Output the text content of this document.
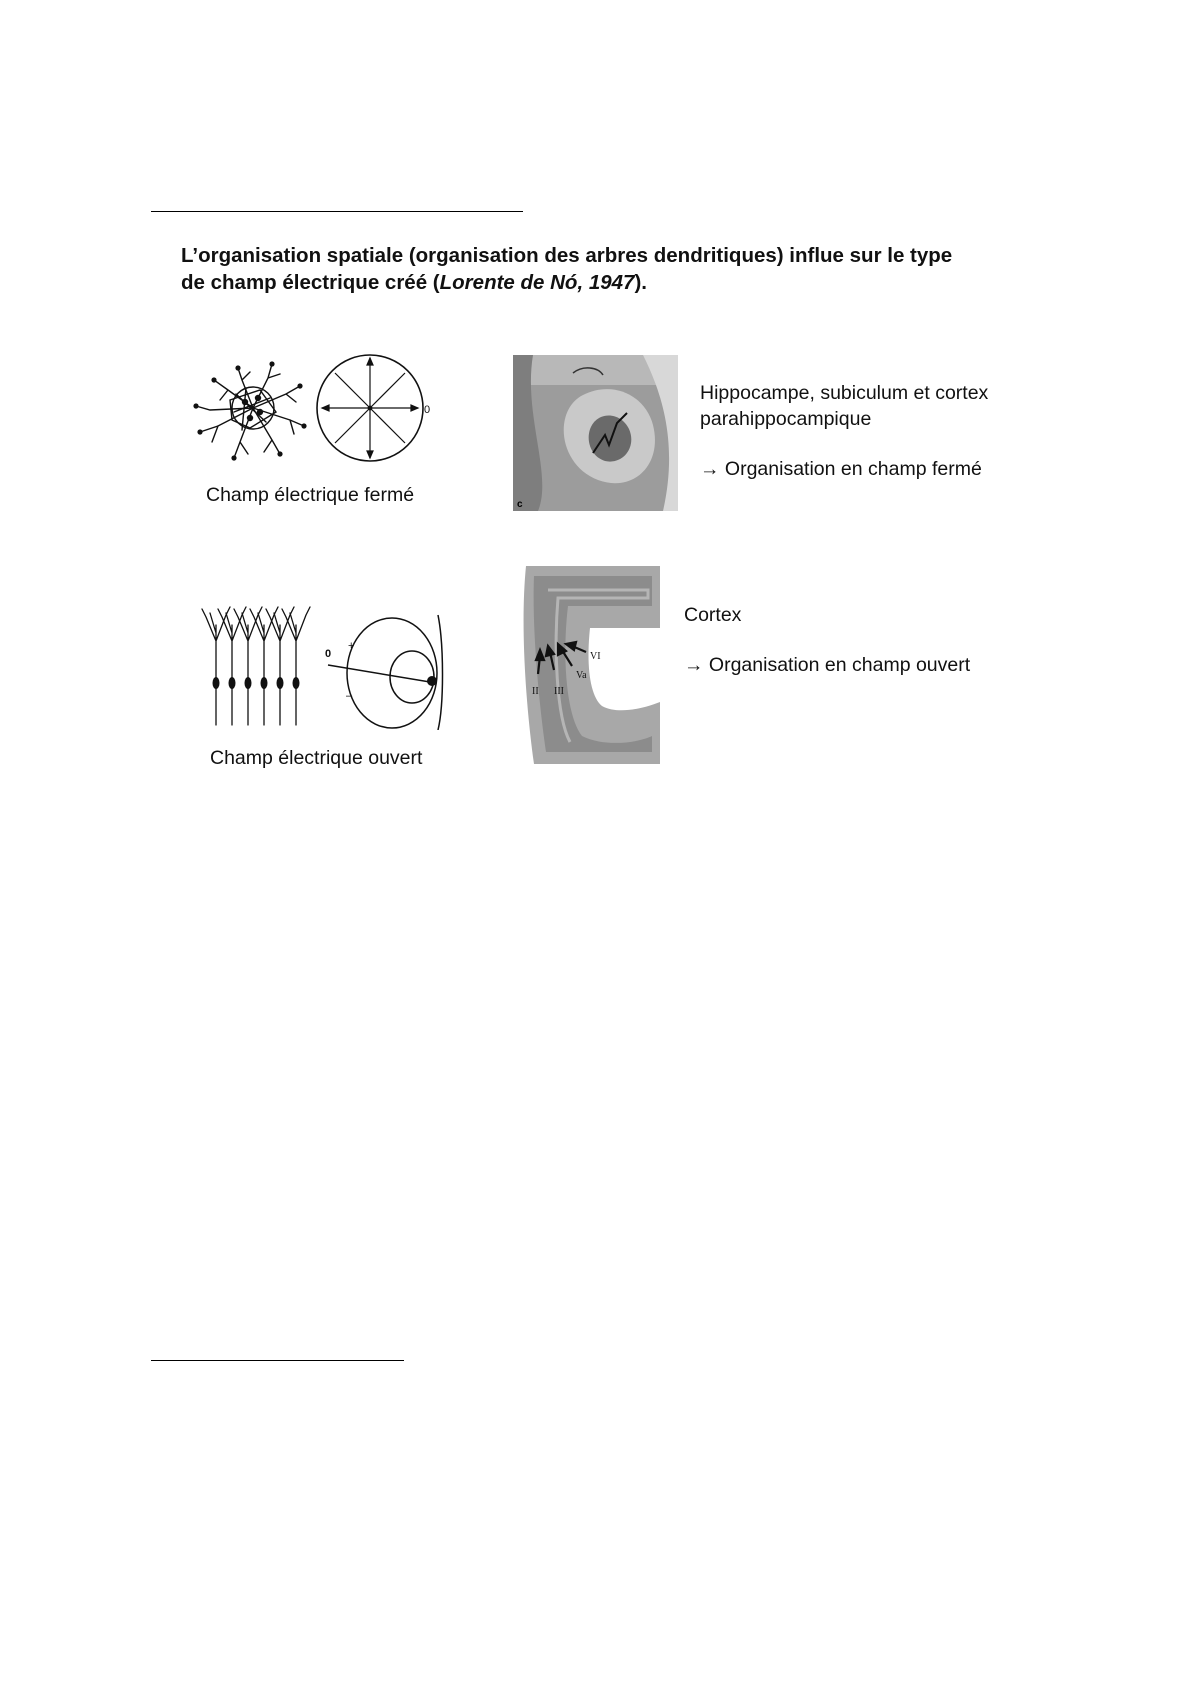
L’organisation spatiale (organisation des arbres dendritiques) influe sur le type
de champ électrique créé (Lorente de Nó, 1947).
0
Champ électrique fermé	c

Hippocampe, subiculum et cortex

parahippocampique

→ Organisation en champ fermé

0
+
–
Champ électrique ouvert
II III
Va
VI

Cortex

→ Organisation en champ ouvert
